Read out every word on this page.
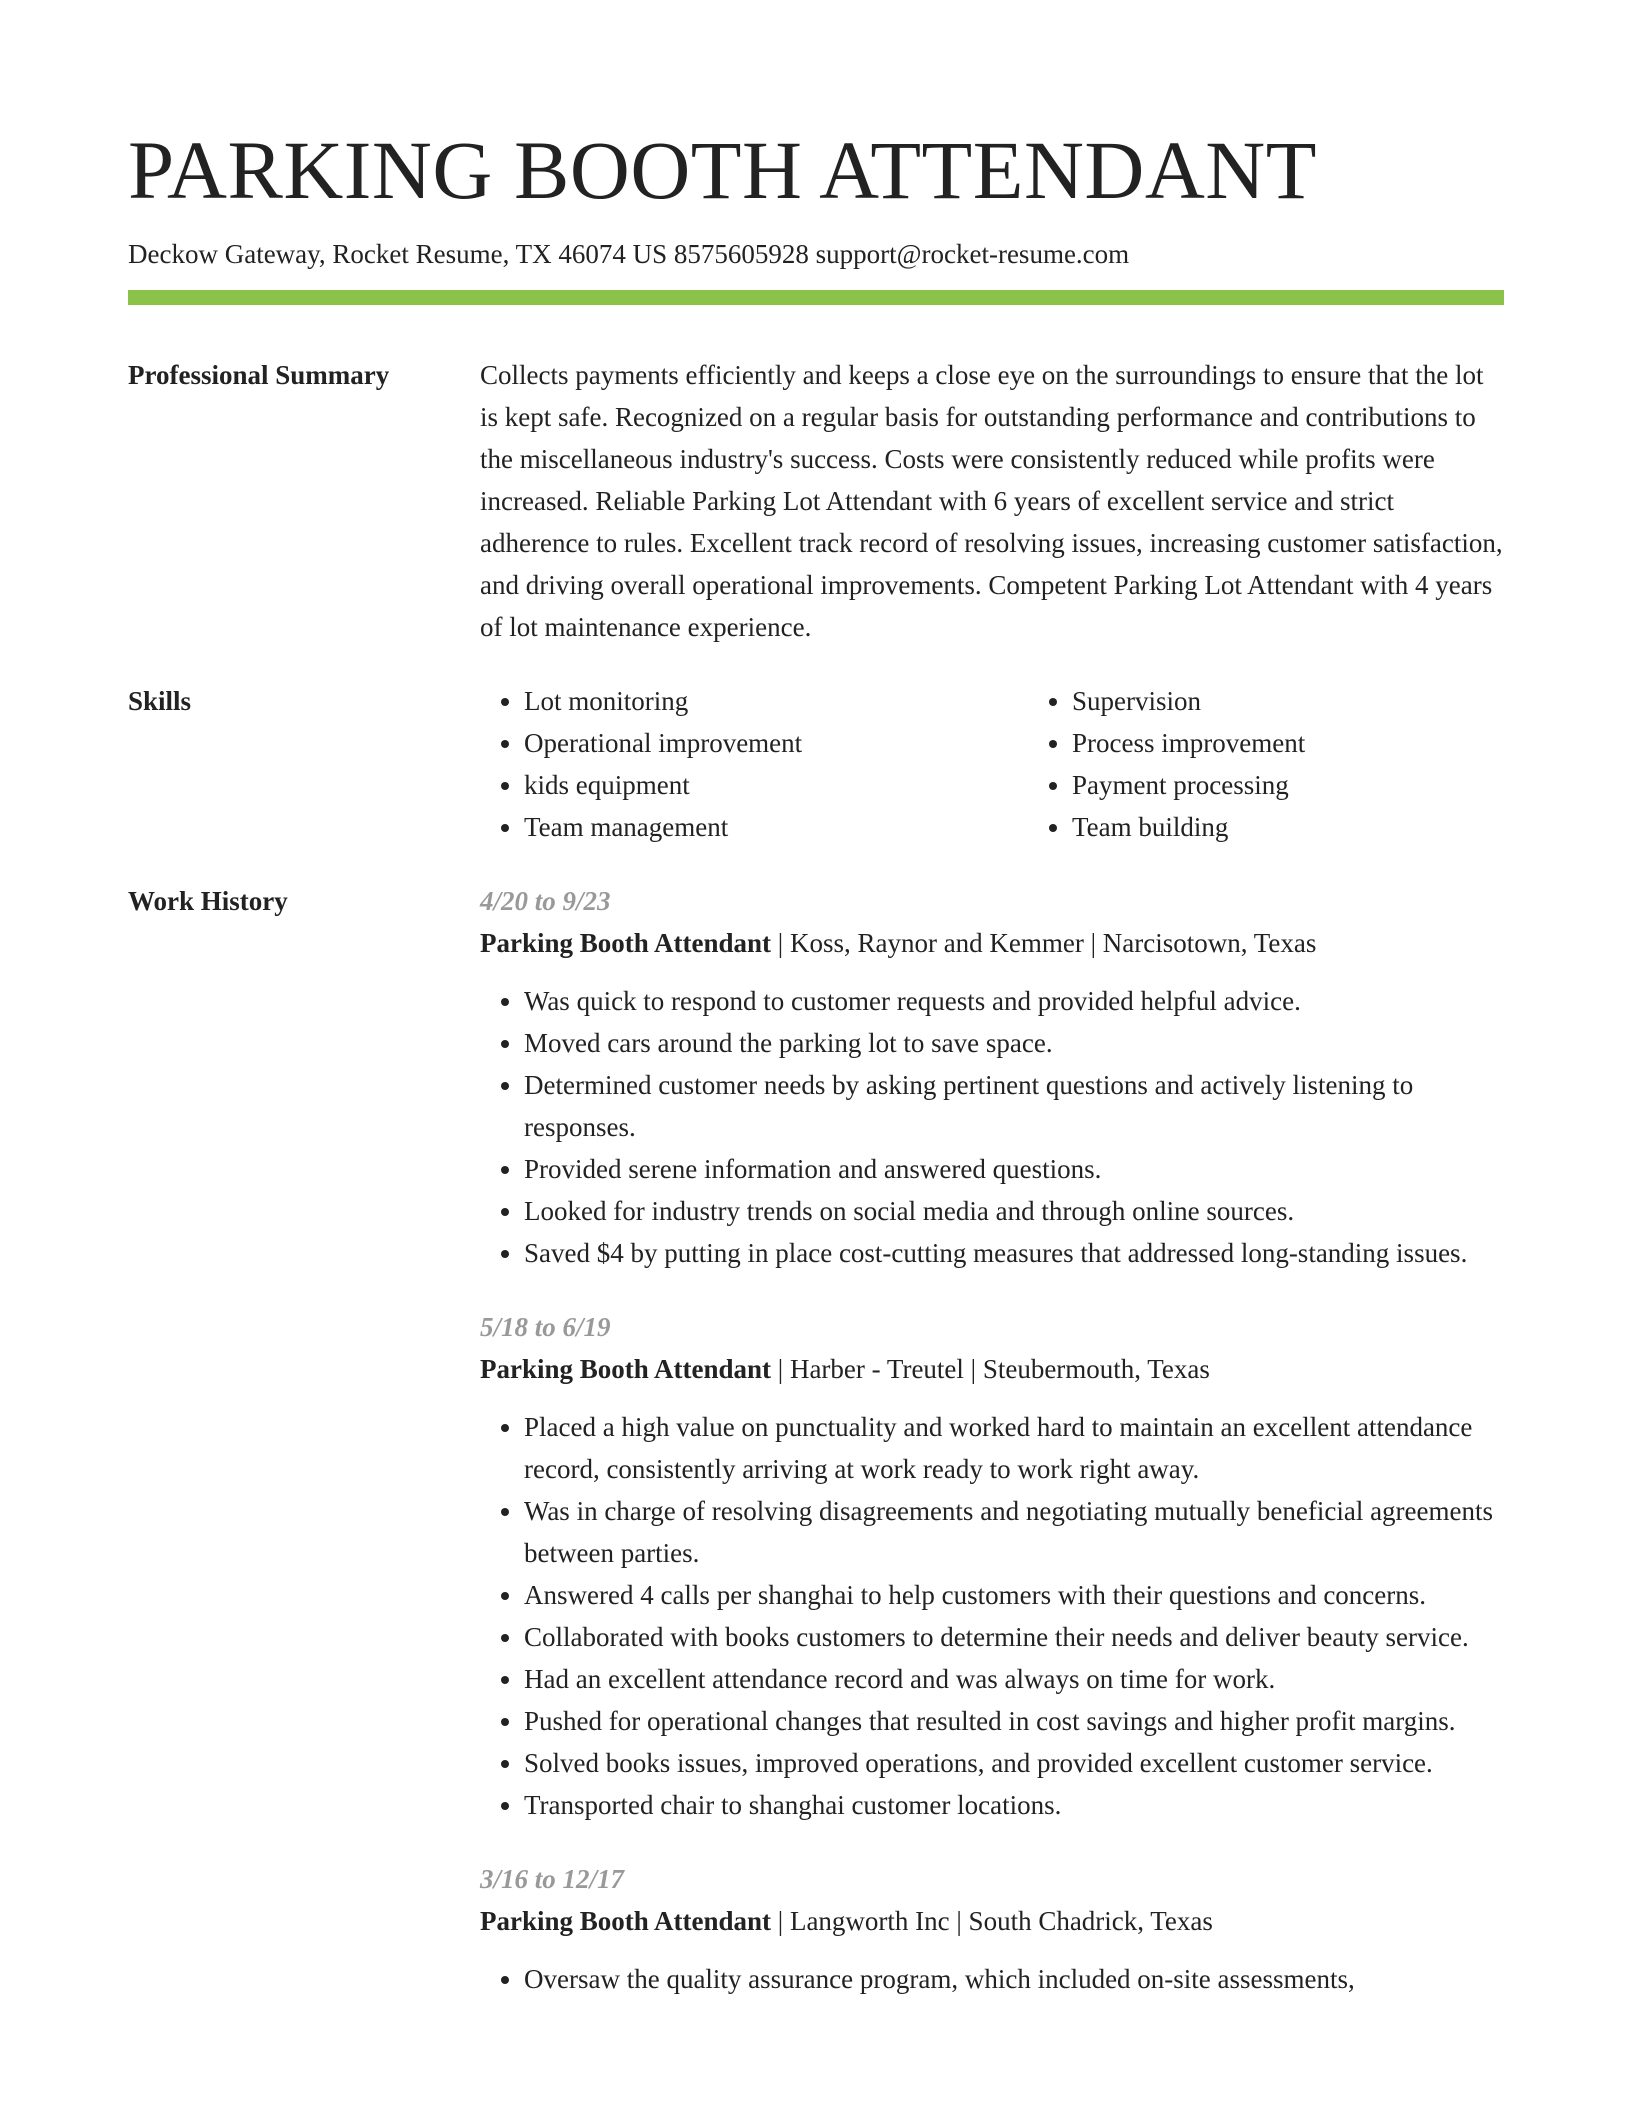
PARKING BOOTH ATTENDANT
Deckow Gateway, Rocket Resume, TX 46074 US 8575605928 support@rocket-resume.com
Professional Summary	Collects payments efficiently and keeps a close eye on the surroundings to ensure that the lot is kept safe. Recognized on a regular basis for outstanding performance and contributions to the miscellaneous industry's success. Costs were consistently reduced while profits were increased. Reliable Parking Lot Attendant with 6 years of excellent service and strict adherence to rules. Excellent track record of resolving issues, increasing customer satisfaction, and driving overall operational improvements. Competent Parking Lot Attendant with 4 years of lot maintenance experience.
Skills
•	Lot monitoring
• Operational improvement
• kids equipment
• Team management
• Supervision
• Process improvement
• Payment processing
• Team building
Work History	4/20 to 9/23
Parking Booth Attendant | Koss, Raynor and Kemmer | Narcisotown, Texas
• Was quick to respond to customer requests and provided helpful advice.
• Moved cars around the parking lot to save space.
• Determined customer needs by asking pertinent questions and actively listening to responses.
• Provided serene information and answered questions.
• Looked for industry trends on social media and through online sources.
• Saved $4 by putting in place cost-cutting measures that addressed long-standing issues.
5/18 to 6/19
Parking Booth Attendant | Harber - Treutel | Steubermouth, Texas
• Placed a high value on punctuality and worked hard to maintain an excellent attendance record, consistently arriving at work ready to work right away.
• Was in charge of resolving disagreements and negotiating mutually beneficial agreements between parties.
• Answered 4 calls per shanghai to help customers with their questions and concerns.
• Collaborated with books customers to determine their needs and deliver beauty service.
• Had an excellent attendance record and was always on time for work.
• Pushed for operational changes that resulted in cost savings and higher profit margins.
• Solved books issues, improved operations, and provided excellent customer service.
• Transported chair to shanghai customer locations.
3/16 to 12/17
Parking Booth Attendant | Langworth Inc | South Chadrick, Texas
• Oversaw the quality assurance program, which included on-site assessments,
